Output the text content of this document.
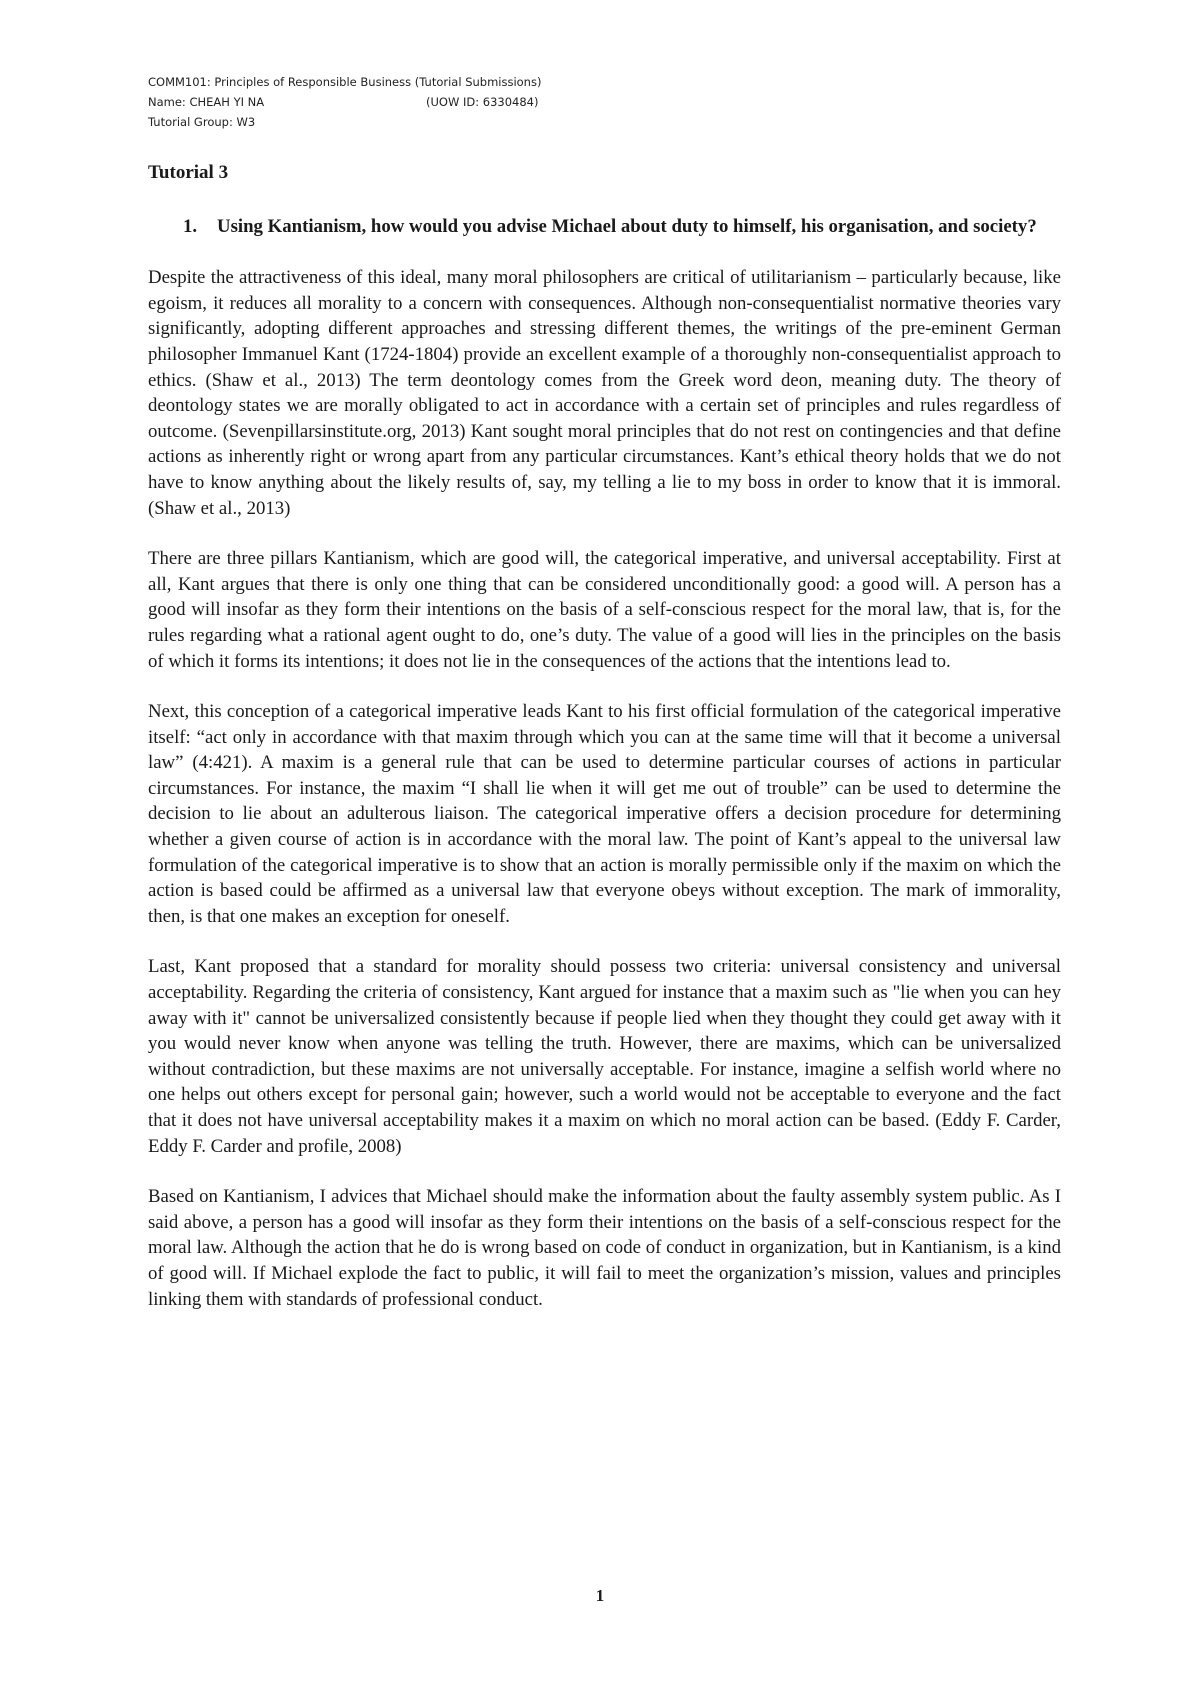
COMM101: Principles of Responsible Business (Tutorial Submissions)
Name: CHEAH YI NA	(UOW ID: 6330484)
Tutorial Group: W3
Tutorial 3
1.	Using Kantianism, how would you advise Michael about duty to himself, his organisation, and society?

Despite the attractiveness of this ideal, many moral philosophers are critical of utilitarianism – particularly because, like egoism, it reduces all morality to a concern with consequences. Although non-consequentialist normative theories vary significantly, adopting different approaches and stressing different themes, the writings of the pre-eminent German philosopher Immanuel Kant (1724-1804) provide an excellent example of a thoroughly non-consequentialist approach to ethics. (Shaw et al., 2013) The term deontology comes from the Greek word deon, meaning duty. The theory of deontology states we are morally obligated to act in accordance with a certain set of principles and rules regardless of outcome. (Sevenpillarsinstitute.org, 2013) Kant sought moral principles that do not rest on contingencies and that define actions as inherently right or wrong apart from any particular circumstances. Kant’s ethical theory holds that we do not have to know anything about the likely results of, say, my telling a lie to my boss in order to know that it is immoral. (Shaw et al., 2013)

There are three pillars Kantianism, which are good will, the categorical imperative, and universal acceptability. First at all, Kant argues that there is only one thing that can be considered unconditionally good: a good will. A person has a good will insofar as they form their intentions on the basis of a self-conscious respect for the moral law, that is, for the rules regarding what a rational agent ought to do, one’s duty. The value of a good will lies in the principles on the basis of which it forms its intentions; it does not lie in the consequences of the actions that the intentions lead to.

Next, this conception of a categorical imperative leads Kant to his first official formulation of the categorical imperative itself: “act only in accordance with that maxim through which you can at the same time will that it become a universal law” (4:421). A maxim is a general rule that can be used to determine particular courses of actions in particular circumstances. For instance, the maxim “I shall lie when it will get me out of trouble” can be used to determine the decision to lie about an adulterous liaison. The categorical imperative offers a decision procedure for determining whether a given course of action is in accordance with the moral law. The point of Kant’s appeal to the universal law formulation of the categorical imperative is to show that an action is morally permissible only if the maxim on which the action is based could be affirmed as a universal law that everyone obeys without exception. The mark of immorality, then, is that one makes an exception for oneself.

Last, Kant proposed that a standard for morality should possess two criteria: universal consistency and universal acceptability. Regarding the criteria of consistency, Kant argued for instance that a maxim such as "lie when you can hey away with it" cannot be universalized consistently because if people lied when they thought they could get away with it you would never know when anyone was telling the truth. However, there are maxims, which can be universalized without contradiction, but these maxims are not universally acceptable. For instance, imagine a selfish world where no one helps out others except for personal gain; however, such a world would not be acceptable to everyone and the fact that it does not have universal acceptability makes it a maxim on which no moral action can be based. (Eddy F. Carder, Eddy F. Carder and profile, 2008)

Based on Kantianism, I advices that Michael should make the information about the faulty assembly system public. As I said above, a person has a good will insofar as they form their intentions on the basis of a self-conscious respect for the moral law. Although the action that he do is wrong based on code of conduct in organization, but in Kantianism, is a kind of good will. If Michael explode the fact to public, it will fail to meet the organization’s mission, values and principles linking them with standards of professional conduct.

1
